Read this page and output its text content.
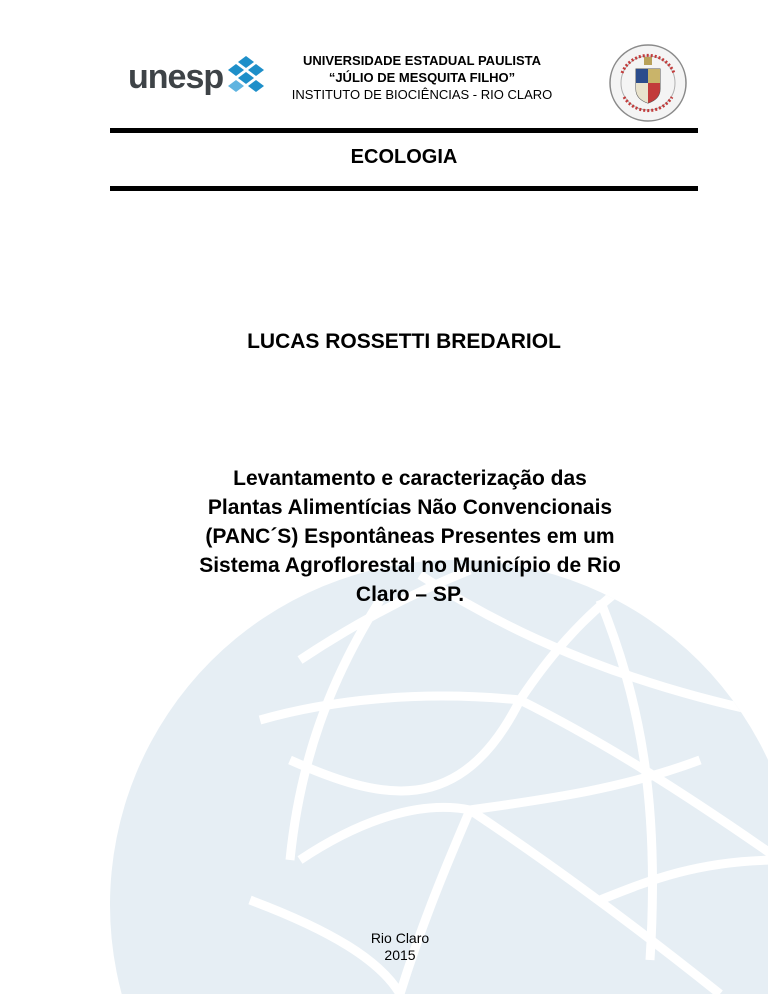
unesp	UNIVERSIDADE ESTADUAL PAULISTA
“JÚLIO DE MESQUITA FILHO”
INSTITUTO DE BIOCIÊNCIAS - RIO CLARO
ECOLOGIA
LUCAS ROSSETTI BREDARIOL
Levantamento e caracterização das
Plantas Alimentícias Não Convencionais
(PANC´S) Espontâneas Presentes em um
Sistema Agroflorestal no Município de Rio
Claro – SP.
Rio Claro
2015
